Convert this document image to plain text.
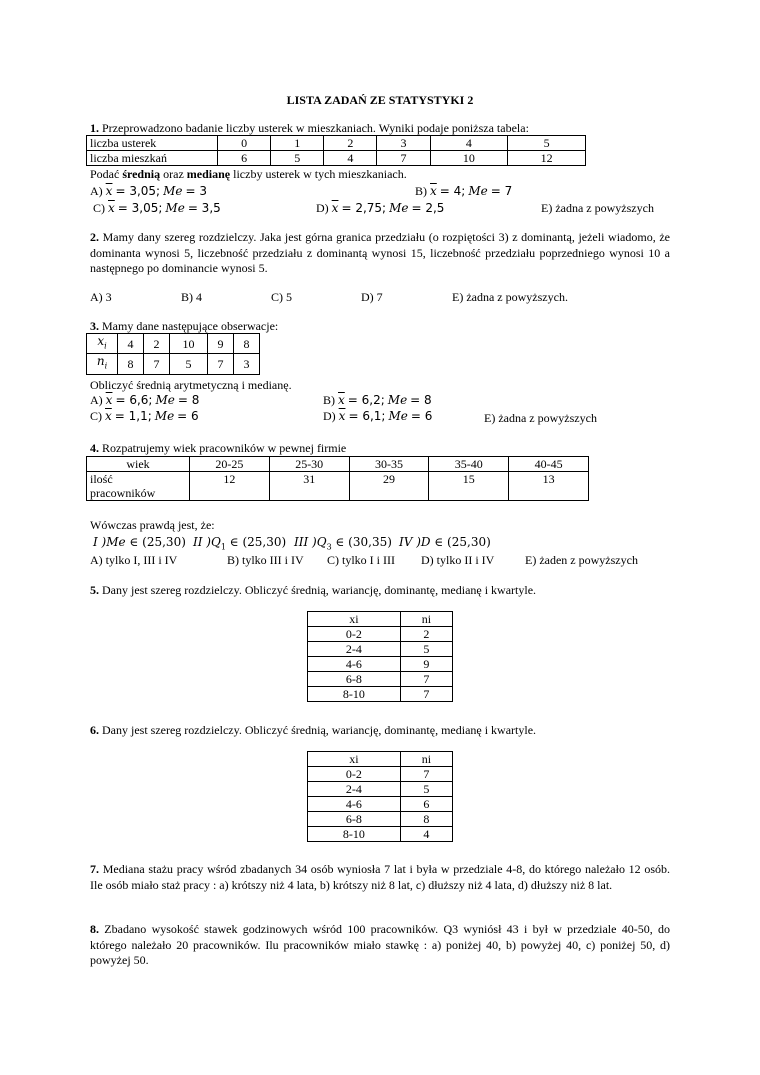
LISTA ZADAŃ ZE STATYSTYKI 2
1. Przeprowadzono badanie liczby usterek w mieszkaniach. Wyniki podaje poniższa tabela:
liczba usterek	0	1	2	3	4	5
liczba mieszkań	6	5	4	7	10	12
Podać średnią oraz medianę liczby usterek w tych mieszkaniach.
A) $\overline{x} = 3,05$; Me = 3	B) $\overline{x} = 4$; Me = 7
C) $\overline{x} = 3,05$; Me = 3,5	D) $\overline{x} = 2,75$; Me = 2,5	E) żadna z powyższych
2. Mamy dany szereg rozdzielczy. Jaka jest górna granica przedziału (o rozpiętości 3) z dominantą, jeżeli wiadomo, że dominanta wynosi 5, liczebność przedziału z dominantą wynosi 15, liczebność przedziału poprzedniego wynosi 10 a następnego po dominancie wynosi 5.
A) 3	B) 4	C) 5	D) 7	E) żadna z powyższych.
3. Mamy dane następujące obserwacje:
$x_i$	4	2	10	9	8
$n_i$	8	7	5	7	3
Obliczyć średnią arytmetyczną i medianę.
A) $\overline{x} = 6,6$; Me = 8	B) $\overline{x} = 6,2$; Me = 8
C) $\overline{x} = 1,1$; Me = 6	D) $\overline{x} = 6,1$; Me = 6	E) żadna z powyższych
4. Rozpatrujemy wiek pracowników w pewnej firmie
wiek	20-25	25-30	30-35	35-40	40-45
ilość
pracowników	12	31	29	15	13
Wówczas prawdą jest, że:
I )Me ∈ (25,30) II )$Q_1$ ∈ (25,30) III )$Q_3$ ∈ (30,35) IV )D ∈ (25,30)
A) tylko I, III i IV	B) tylko III i IV C) tylko I i III D) tylko II i IV	E) żaden z powyższych
5. Dany jest szereg rozdzielczy. Obliczyć średnią, wariancję, dominantę, medianę i kwartyle.
xi	ni
0-2	2
2-4	5
4-6	9
6-8	7
8-10	7
6. Dany jest szereg rozdzielczy. Obliczyć średnią, wariancję, dominantę, medianę i kwartyle.
xi	ni
0-2	7
2-4	5
4-6	6
6-8	8
8-10	4
7. Mediana stażu pracy wśród zbadanych 34 osób wyniosła 7 lat i była w przedziale 4-8, do którego należało 12 osób. Ile osób miało staż pracy : a) krótszy niż 4 lata, b) krótszy niż 8 lat, c) dłuższy niż 4 lata, d) dłuższy niż 8 lat.
8. Zbadano wysokość stawek godzinowych wśród 100 pracowników. Q3 wyniósł 43 i był w przedziale 40-50, do którego należało 20 pracowników. Ilu pracowników miało stawkę : a) poniżej 40, b) powyżej 40, c) poniżej 50, d) powyżej 50.
